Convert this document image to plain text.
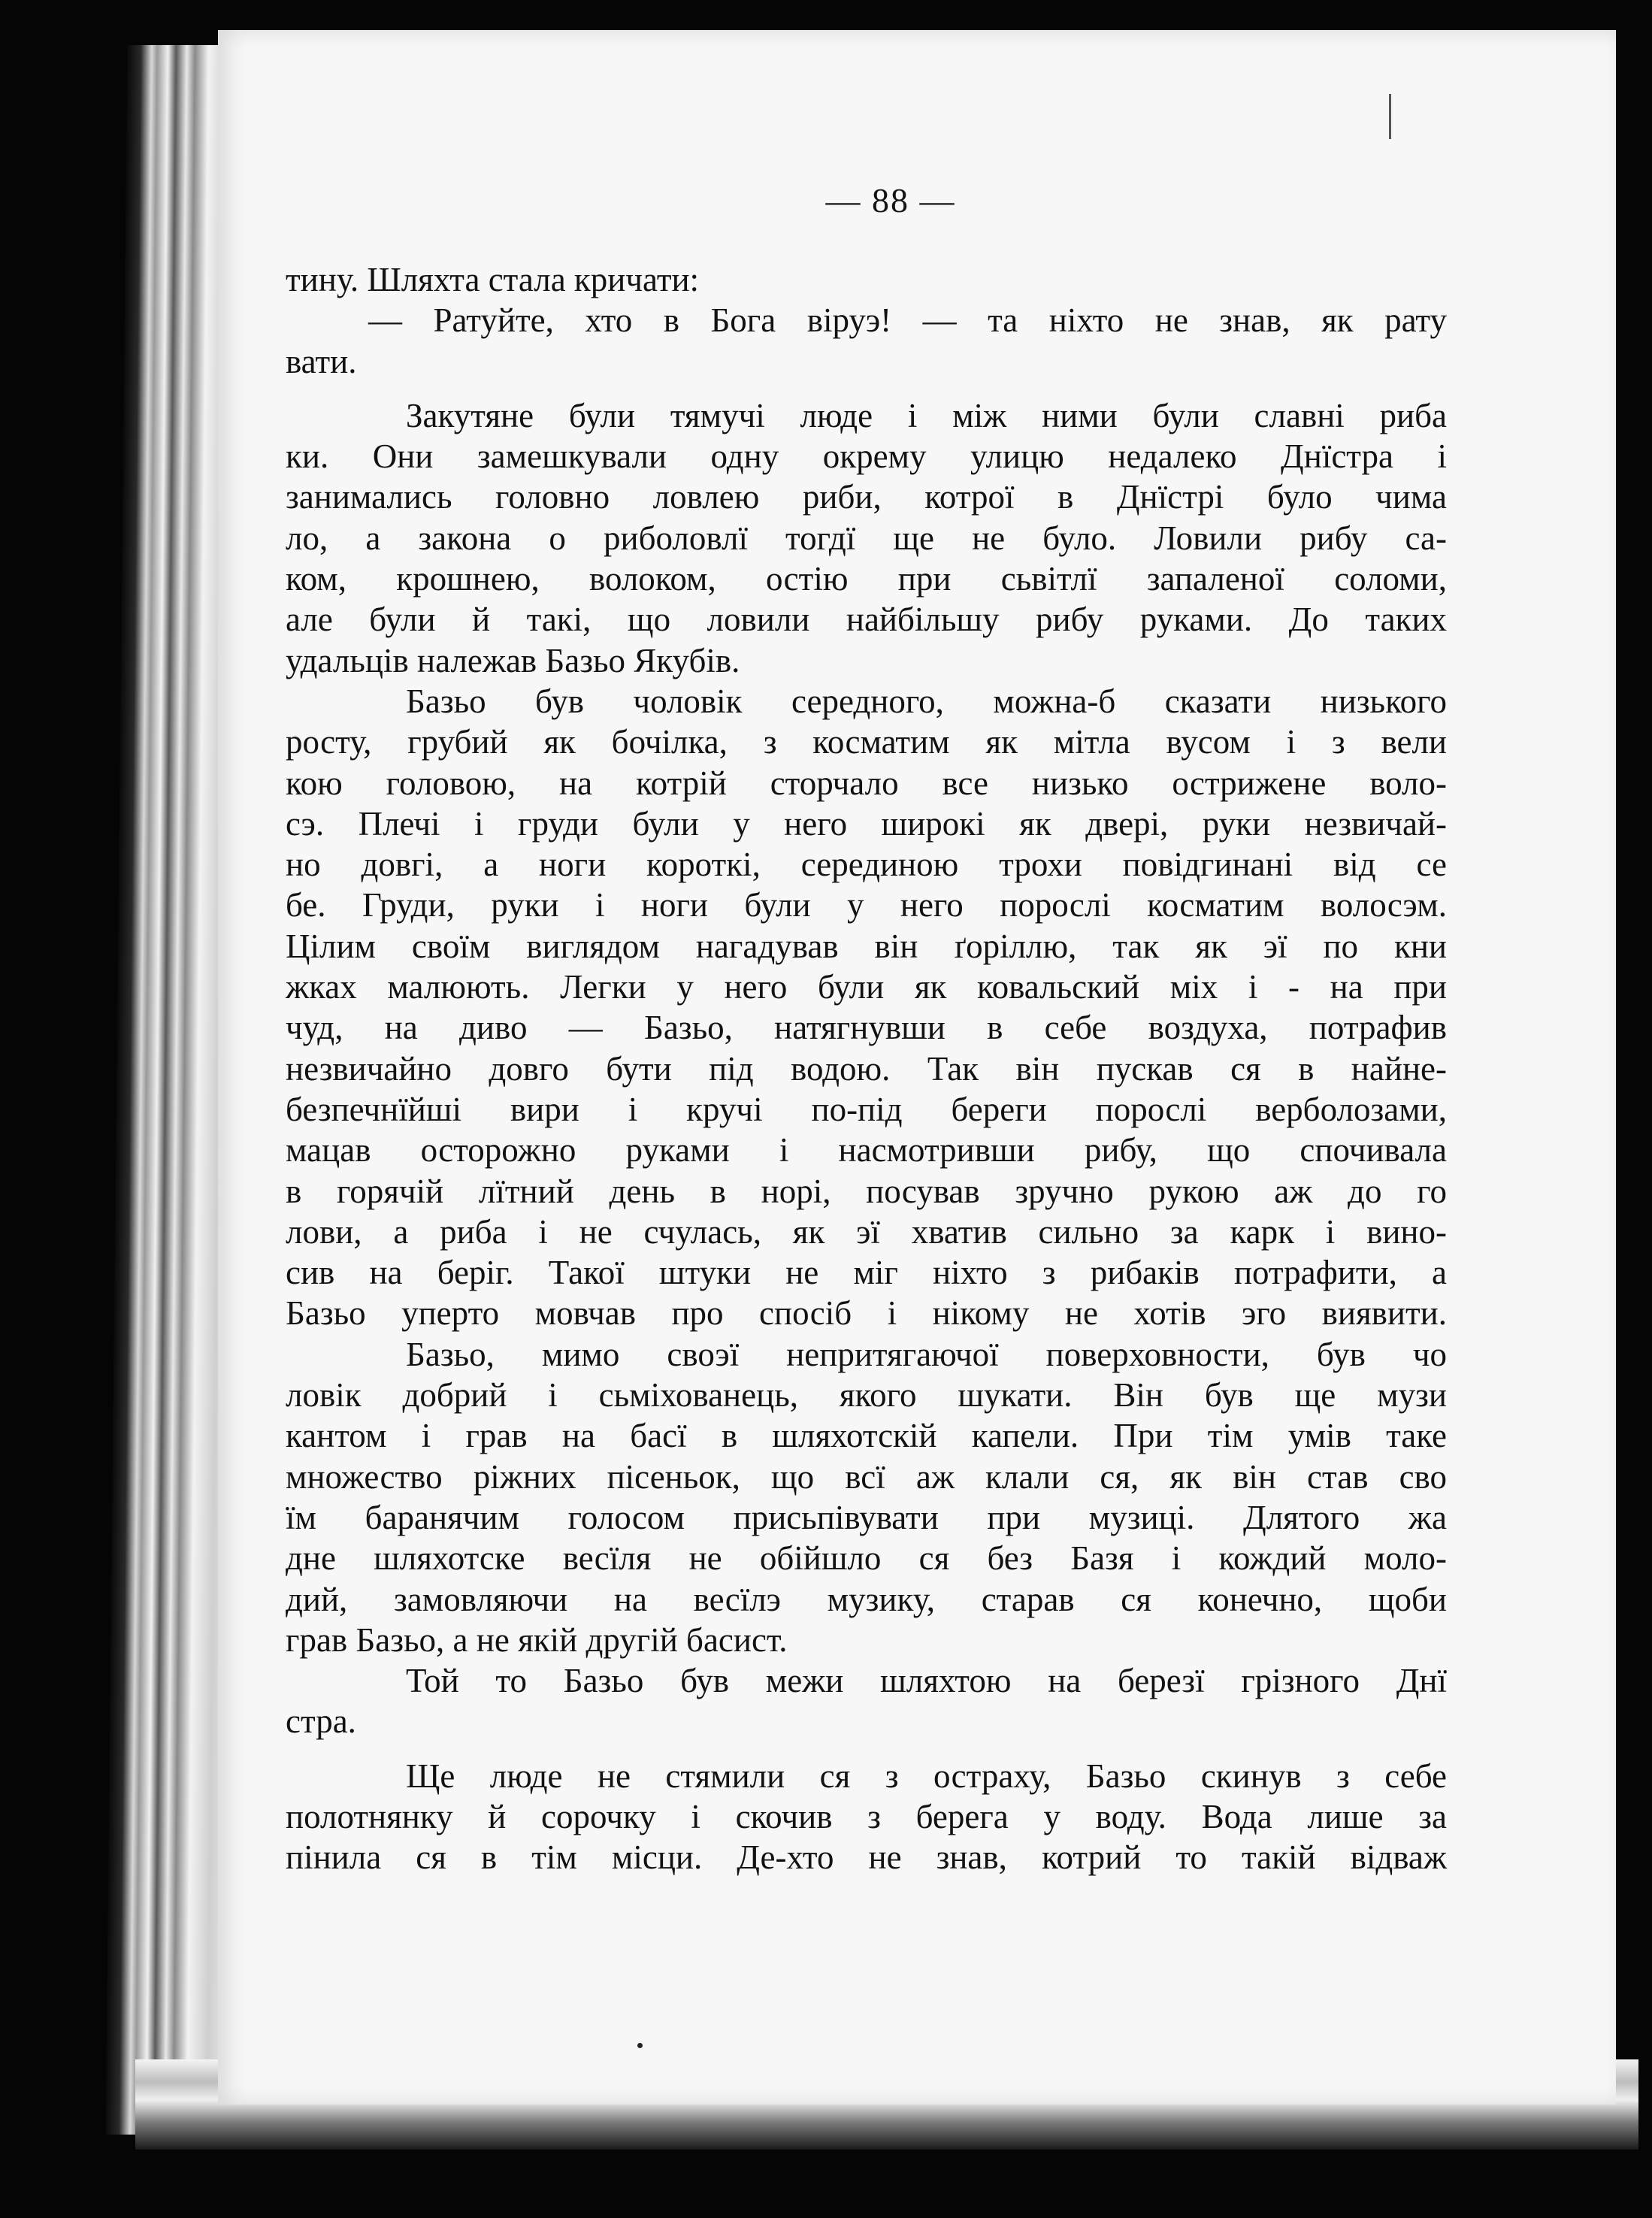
— 88 —
тину. Шляхта стала кричати:
— Ратуйте, хто в Бога віруэ! — та ніхто не знав, як рату
вати.
Закутяне були тямучі люде і між ними були славні риба
ки. Они замешкували одну окрему улицю недалеко Днїстра і
занимались головно ловлею риби, котрої в Днїстрі було чима
ло, а закона о риболовлї тогдї ще не було. Ловили рибу са-
ком, крошнею, волоком, остію при сьвітлї запаленої соломи,
але були й такі, що ловили найбільшу рибу руками. До таких
удальців належав Базьо Якубів.
Базьо був чоловік середного, можна-б сказати низького
росту, грубий як бочілка, з косматим як мітла вусом і з вели
кою головою, на котрій сторчало все низько острижене воло-
сэ. Плечі і груди були у него широкі як двері, руки незвичай-
но довгі, а ноги короткі, серединою трохи повідгинані від се
бе. Груди, руки і ноги були у него порослі косматим волосэм.
Цілим своїм виглядом нагадував він ґоріллю, так як эї по кни
жках малюють. Легки у него були як ковальский міх і - на при
чуд, на диво — Базьо, натягнувши в себе воздуха, потрафив
незвичайно довго бути під водою. Так він пускав ся в найне-
безпечнїйші вири і кручі по-під береги порослі верболозами,
мацав осторожно руками і насмотривши рибу, що спочивала
в горячій лїтний день в норі, посував зручно рукою аж до го
лови, а риба і не счулась, як эї хватив сильно за карк і вино-
сив на беріг. Такої штуки не міг ніхто з рибаків потрафити, а
Базьо уперто мовчав про спосіб і нікому не хотів эго виявити.
Базьо, мимо своэї непритягаючої поверховности, був чо
ловік добрий і сьміхованець, якого шукати. Він був ще музи
кантом і грав на басї в шляхотскій капели. При тім умів таке
множество ріжних пісеньок, що всї аж клали ся, як він став сво
їм баранячим голосом присьпівувати при музиці. Длятого жа
дне шляхотске весїля не обійшло ся без Базя і кождий моло-
дий, замовляючи на весїлэ музику, старав ся конечно, щоби
грав Базьо, а не якій другій басист.
Той то Базьо був межи шляхтою на березї грізного Днї
стра.
Ще люде не стямили ся з остраху, Базьо скинув з себе
полотнянку й сорочку і скочив з берега у воду. Вода лише за
пінила ся в тім місци. Де-хто не знав, котрий то такій відваж
